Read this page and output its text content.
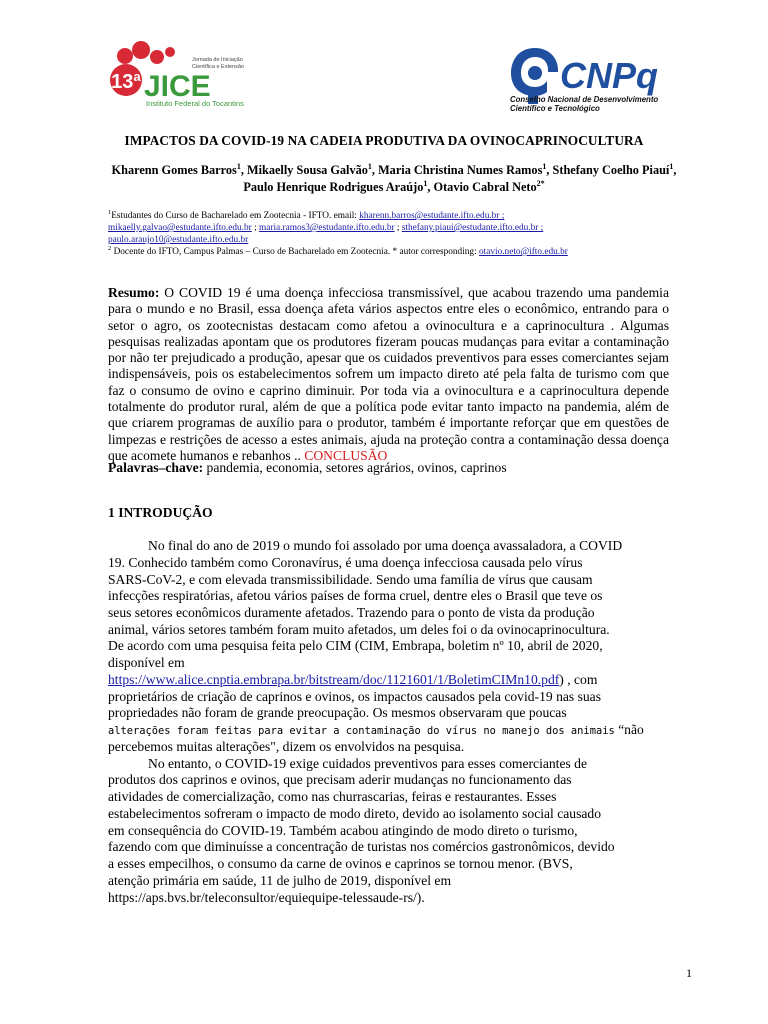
13ª JICE
Jornada de Iniciação
Científica e Extensão
Instituto Federal do Tocantins
CNPq
Conselho Nacional de Desenvolvimento
Científico e Tecnológico
IMPACTOS DA COVID-19 NA CADEIA PRODUTIVA DA OVINOCAPRINOCULTURA
Kharenn Gomes Barros$^1$, Mikaelly Sousa Galvão$^1$, Maria Christina Numes Ramos$^1$, Sthefany Coelho Piauí$^1$, Paulo Henrique Rodrigues Araújo$^1$, Otavio Cabral Neto$^{2*}$
$^1$Estudantes do Curso de Bacharelado em Zootecnia - IFTO. email: kharenn.barros@estudante.ifto.edu.br ;
mikaelly.galvao@estudante.ifto.edu.br ; maria.ramos3@estudante.ifto.edu.br ; sthefany.piaui@estudante.ifto.edu.br ;
paulo.araujo10@estudante.ifto.edu.br
$^2$ Docente do IFTO, Campus Palmas – Curso de Bacharelado em Zootecnia. * autor corresponding: otavio.neto@ifto.edu.br
Resumo: O COVID 19 é uma doença infecciosa transmissível, que acabou trazendo uma pandemia para o mundo e no Brasil, essa doença afeta vários aspectos entre eles o econômico, entrando para o setor o agro, os zootecnistas destacam como afetou a ovinocultura e a caprinocultura . Algumas pesquisas realizadas apontam que os produtores fizeram poucas mudanças para evitar a contaminação por não ter prejudicado a produção, apesar que os cuidados preventivos para esses comerciantes sejam indispensáveis, pois os estabelecimentos sofrem um impacto direto até pela falta de turismo com que faz o consumo de ovino e caprino diminuir. Por toda via a ovinocultura e a caprinocultura depende totalmente do produtor rural, além de que a política pode evitar tanto impacto na pandemia, além de que criarem programas de auxílio para o produtor, também é importante reforçar que em questões de limpezas e restrições de acesso a estes animais, ajuda na proteção contra a contaminação dessa doença que acomete humanos e rebanhos .. CONCLUSÃO
Palavras–chave: pandemia, economia, setores agrários, ovinos, caprinos
1 INTRODUÇÃO
No final do ano de 2019 o mundo foi assolado por uma doença avassaladora, a COVID
19. Conhecido também como Coronavírus, é uma doença infecciosa causada pelo vírus
SARS-CoV-2, e com elevada transmissibilidade. Sendo uma família de vírus que causam
infecções respiratórias, afetou vários países de forma cruel, dentre eles o Brasil que teve os
seus setores econômicos duramente afetados. Trazendo para o ponto de vista da produção
animal, vários setores também foram muito afetados, um deles foi o da ovinocaprinocultura.
De acordo com uma pesquisa feita pelo CIM (CIM, Embrapa, boletim nº 10, abril de 2020,
disponível em
https://www.alice.cnptia.embrapa.br/bitstream/doc/1121601/1/BoletimCIMn10.pdf) , com
proprietários de criação de caprinos e ovinos, os impactos causados pela covid-19 nas suas
propriedades não foram de grande preocupação. Os mesmos observaram que poucas
alterações foram feitas para evitar a contaminação do vírus no manejo dos animais “não
percebemos muitas alterações", dizem os envolvidos na pesquisa.
No entanto, o COVID-19 exige cuidados preventivos para esses comerciantes de
produtos dos caprinos e ovinos, que precisam aderir mudanças no funcionamento das
atividades de comercialização, como nas churrascarias, feiras e restaurantes. Esses
estabelecimentos sofreram o impacto de modo direto, devido ao isolamento social causado
em consequência do COVID-19. Também acabou atingindo de modo direto o turismo,
fazendo com que diminuísse a concentração de turistas nos comércios gastronômicos, devido
a esses empecilhos, o consumo da carne de ovinos e caprinos se tornou menor. (BVS,
atenção primária em saúde, 11 de julho de 2019, disponível em
https://aps.bvs.br/teleconsultor/equiequipe-telessaude-rs/).
1
